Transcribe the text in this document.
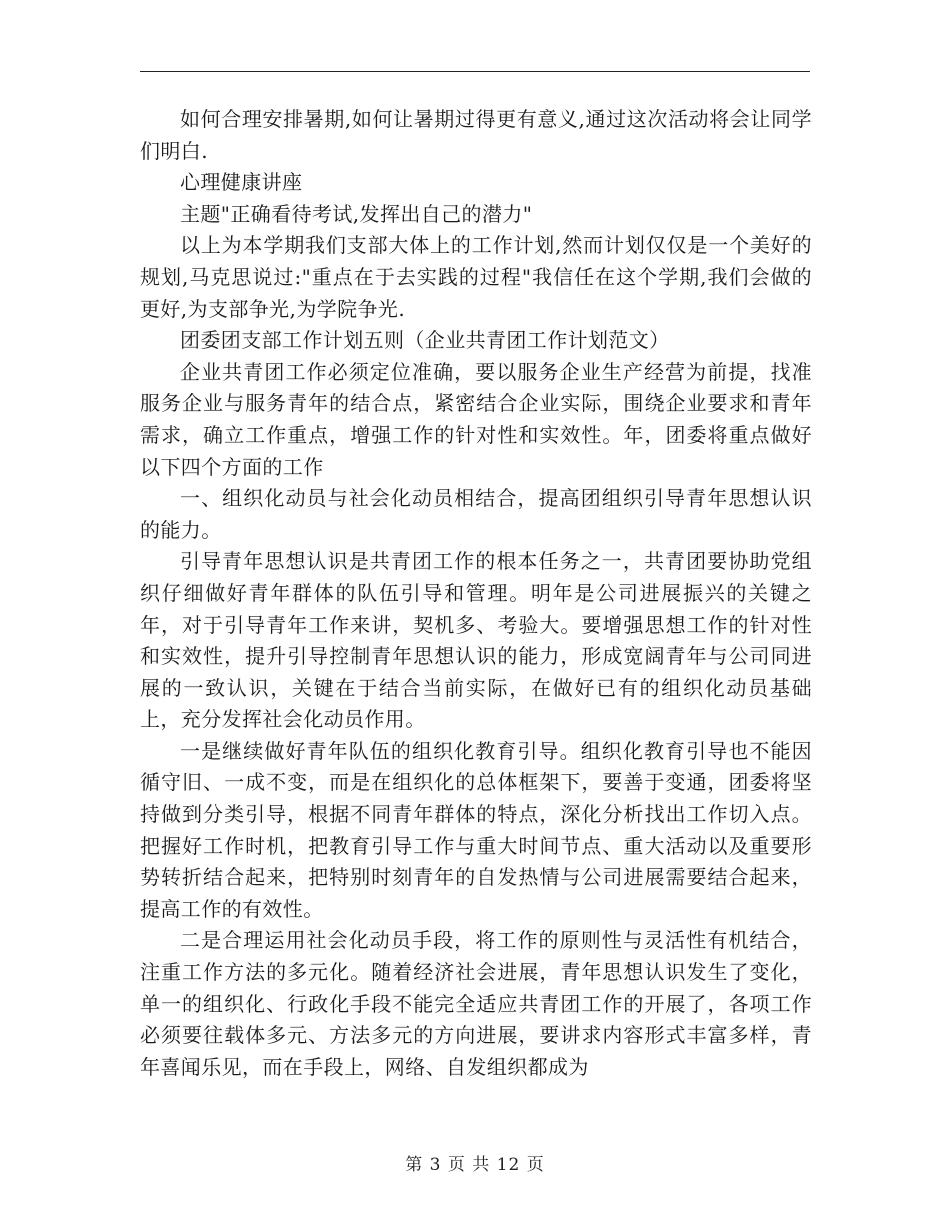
如何合理安排暑期,如何让暑期过得更有意义,通过这次活动将会让同学们明白.

心理健康讲座

主题"正确看待考试,发挥出自己的潜力"

以上为本学期我们支部大体上的工作计划,然而计划仅仅是一个美好的规划,马克思说过:"重点在于去实践的过程"我信任在这个学期,我们会做的更好,为支部争光,为学院争光.

团委团支部工作计划五则（企业共青团工作计划范文）

企业共青团工作必须定位准确，要以服务企业生产经营为前提，找准服务企业与服务青年的结合点，紧密结合企业实际，围绕企业要求和青年需求，确立工作重点，增强工作的针对性和实效性。年，团委将重点做好以下四个方面的工作

一、组织化动员与社会化动员相结合，提高团组织引导青年思想认识的能力。

引导青年思想认识是共青团工作的根本任务之一，共青团要协助党组织仔细做好青年群体的队伍引导和管理。明年是公司进展振兴的关键之年，对于引导青年工作来讲，契机多、考验大。要增强思想工作的针对性和实效性，提升引导控制青年思想认识的能力，形成宽阔青年与公司同进展的一致认识，关键在于结合当前实际，在做好已有的组织化动员基础上，充分发挥社会化动员作用。

一是继续做好青年队伍的组织化教育引导。组织化教育引导也不能因循守旧、一成不变，而是在组织化的总体框架下，要善于变通，团委将坚持做到分类引导，根据不同青年群体的特点，深化分析找出工作切入点。把握好工作时机，把教育引导工作与重大时间节点、重大活动以及重要形势转折结合起来，把特别时刻青年的自发热情与公司进展需要结合起来，提高工作的有效性。

二是合理运用社会化动员手段，将工作的原则性与灵活性有机结合，注重工作方法的多元化。随着经济社会进展，青年思想认识发生了变化，单一的组织化、行政化手段不能完全适应共青团工作的开展了，各项工作必须要往载体多元、方法多元的方向进展，要讲求内容形式丰富多样，青年喜闻乐见，而在手段上，网络、自发组织都成为

第 3 页 共 12 页
